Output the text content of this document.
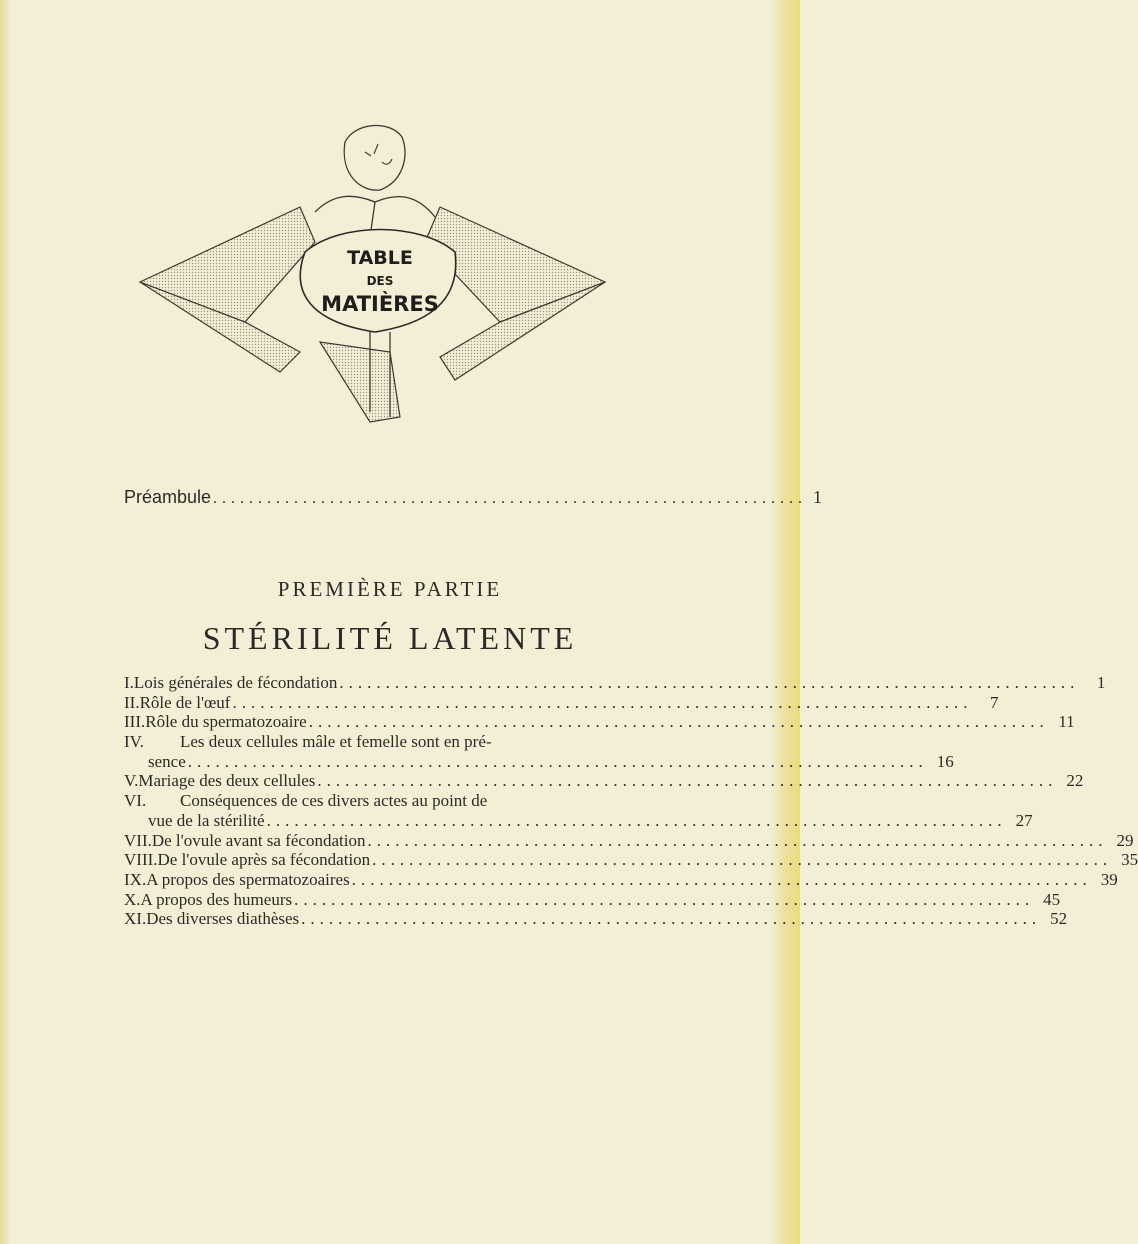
TABLE
DES
MATIÈRES
Préambule .................................................................. 1
PREMIÈRE PARTIE
STÉRILITÉ LATENTE
I. Lois générales de fécondation ................................................................................	1
II. Rôle de l'œuf ................................................................................	7
III. Rôle du spermatozoaire ................................................................................ 11
IV.	Les deux cellules mâle et femelle sont en pré-
sence ................................................................................ 16
V. Mariage des deux cellules ................................................................................ 22
VI.	Conséquences de ces divers actes au point de
vue de la stérilité ................................................................................ 27
VII. De l'ovule avant sa fécondation ................................................................................ 29
VIII. De l'ovule après sa fécondation ................................................................................ 35
IX. A propos des spermatozoaires ................................................................................ 39
X. A propos des humeurs ................................................................................ 45
XI. Des diverses diathèses ................................................................................ 52
